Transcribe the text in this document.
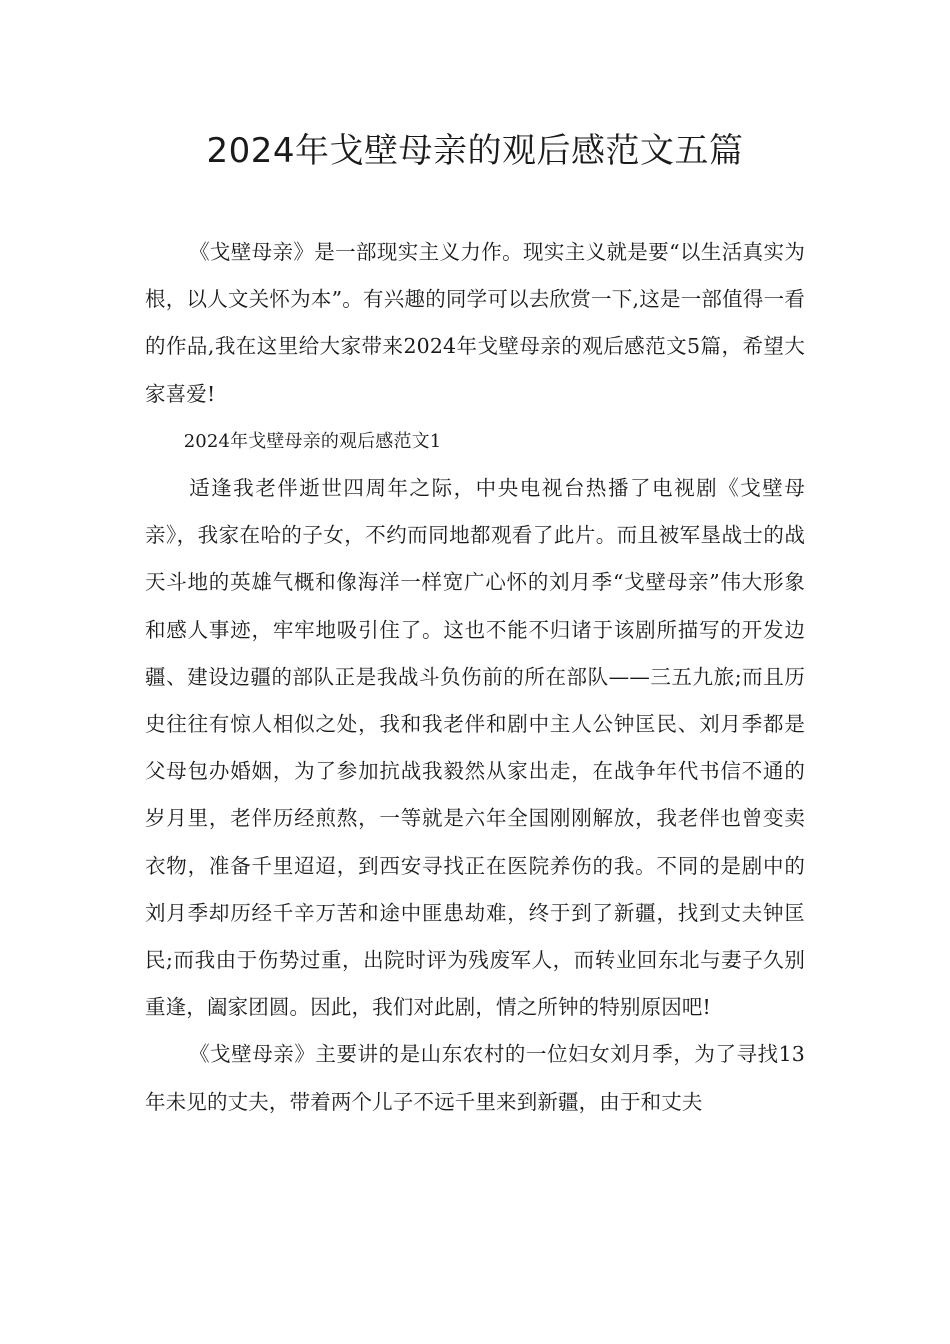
2024年戈壁母亲的观后感范文五篇

《戈壁母亲》是一部现实主义力作。现实主义就是要“以生活真实为根，以人文关怀为本”。有兴趣的同学可以去欣赏一下,这是一部值得一看的作品,我在这里给大家带来2024年戈壁母亲的观后感范文5篇，希望大家喜爱!

2024年戈壁母亲的观后感范文1

适逢我老伴逝世四周年之际，中央电视台热播了电视剧《戈壁母亲》，我家在哈的子女，不约而同地都观看了此片。而且被军垦战士的战天斗地的英雄气概和像海洋一样宽广心怀的刘月季“戈壁母亲”伟大形象和感人事迹，牢牢地吸引住了。这也不能不归诸于该剧所描写的开发边疆、建设边疆的部队正是我战斗负伤前的所在部队——三五九旅;而且历史往往有惊人相似之处，我和我老伴和剧中主人公钟匡民、刘月季都是父母包办婚姻，为了参加抗战我毅然从家出走，在战争年代书信不通的岁月里，老伴历经煎熬，一等就是六年全国刚刚解放，我老伴也曾变卖衣物，准备千里迢迢，到西安寻找正在医院养伤的我。不同的是剧中的刘月季却历经千辛万苦和途中匪患劫难，终于到了新疆，找到丈夫钟匡民;而我由于伤势过重，出院时评为残废军人，而转业回东北与妻子久别重逢，阖家团圆。因此，我们对此剧，情之所钟的特别原因吧!

《戈壁母亲》主要讲的是山东农村的一位妇女刘月季，为了寻找13年未见的丈夫，带着两个儿子不远千里来到新疆，由于和丈夫
